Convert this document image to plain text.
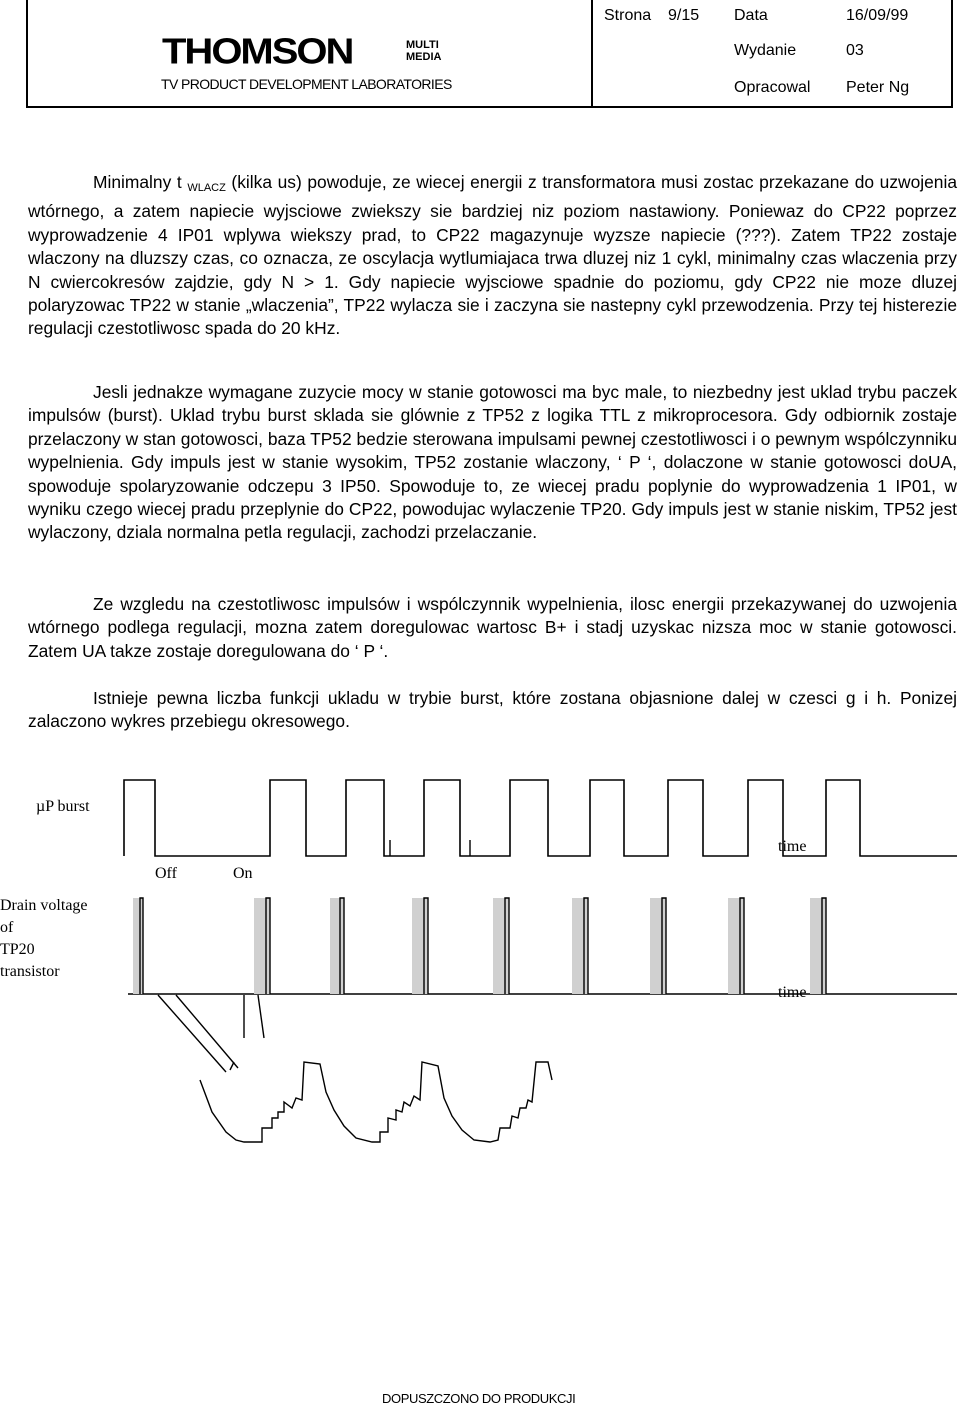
THOMSON	MULTI
MEDIA
TV PRODUCT DEVELOPMENT LABORATORIES
Strona 9/15 Data	16/09/99
Wydanie	03
Opracowal Peter Ng
Minimalny t $_{WLACZ}$ (kilka us) powoduje, ze wiecej energii z transformatora musi zostac przekazane do uzwojenia wtórnego, a zatem napiecie wyjsciowe zwiekszy sie bardziej niz poziom nastawiony. Poniewaz do CP22 poprzez wyprowadzenie 4 IP01 wplywa wiekszy prad, to CP22 magazynuje wyzsze napiecie (???). Zatem TP22 zostaje wlaczony na dluzszy czas, co oznacza, ze oscylacja wytlumiajaca trwa dluzej niz 1 cykl, minimalny czas wlaczenia przy N cwiercokresów zajdzie, gdy N > 1. Gdy napiecie wyjsciowe spadnie do poziomu, gdy CP22 nie moze dluzej polaryzowac TP22 w stanie „wlaczenia”, TP22 wylacza sie i zaczyna sie nastepny cykl przewodzenia. Przy tej histerezie regulacji czestotliwosc spada do 20 kHz.
Jesli jednakze wymagane zuzycie mocy w stanie gotowosci ma byc male, to niezbedny jest uklad trybu paczek impulsów (burst). Uklad trybu burst sklada sie glównie z TP52 z logika TTL z mikroprocesora. Gdy odbiornik zostaje przelaczony w stan gotowosci, baza TP52 bedzie sterowana impulsami pewnej czestotliwosci i o pewnym wspólczynniku wypelnienia. Gdy impuls jest w stanie wysokim, TP52 zostanie wlaczony, ‘ P ‘, dolaczone w stanie gotowosci doUA, spowoduje spolaryzowanie odczepu 3 IP50. Spowoduje to, ze wiecej pradu poplynie do wyprowadzenia 1 IP01, w wyniku czego wiecej pradu przeplynie do CP22, powodujac wylaczenie TP20. Gdy impuls jest w stanie niskim, TP52 jest wylaczony, dziala normalna petla regulacji, zachodzi przelaczanie.
Ze wzgledu na czestotliwosc impulsów i wspólczynnik wypelnienia, ilosc energii przekazywanej do uzwojenia wtórnego podlega regulacji, mozna zatem doregulowac wartosc B+ i stadj uzyskac nizsza moc w stanie gotowosci. Zatem UA takze zostaje doregulowana do ‘ P ‘.
Istnieje pewna liczba funkcji ukladu w trybie burst, które zostana objasnione dalej w czesci g i h. Ponizej zalaczono wykres przebiegu okresowego.
µP burst
time
Off	On
Drain voltage
of
TP20
transistor
time
DOPUSZCZONO DO PRODUKCJI
